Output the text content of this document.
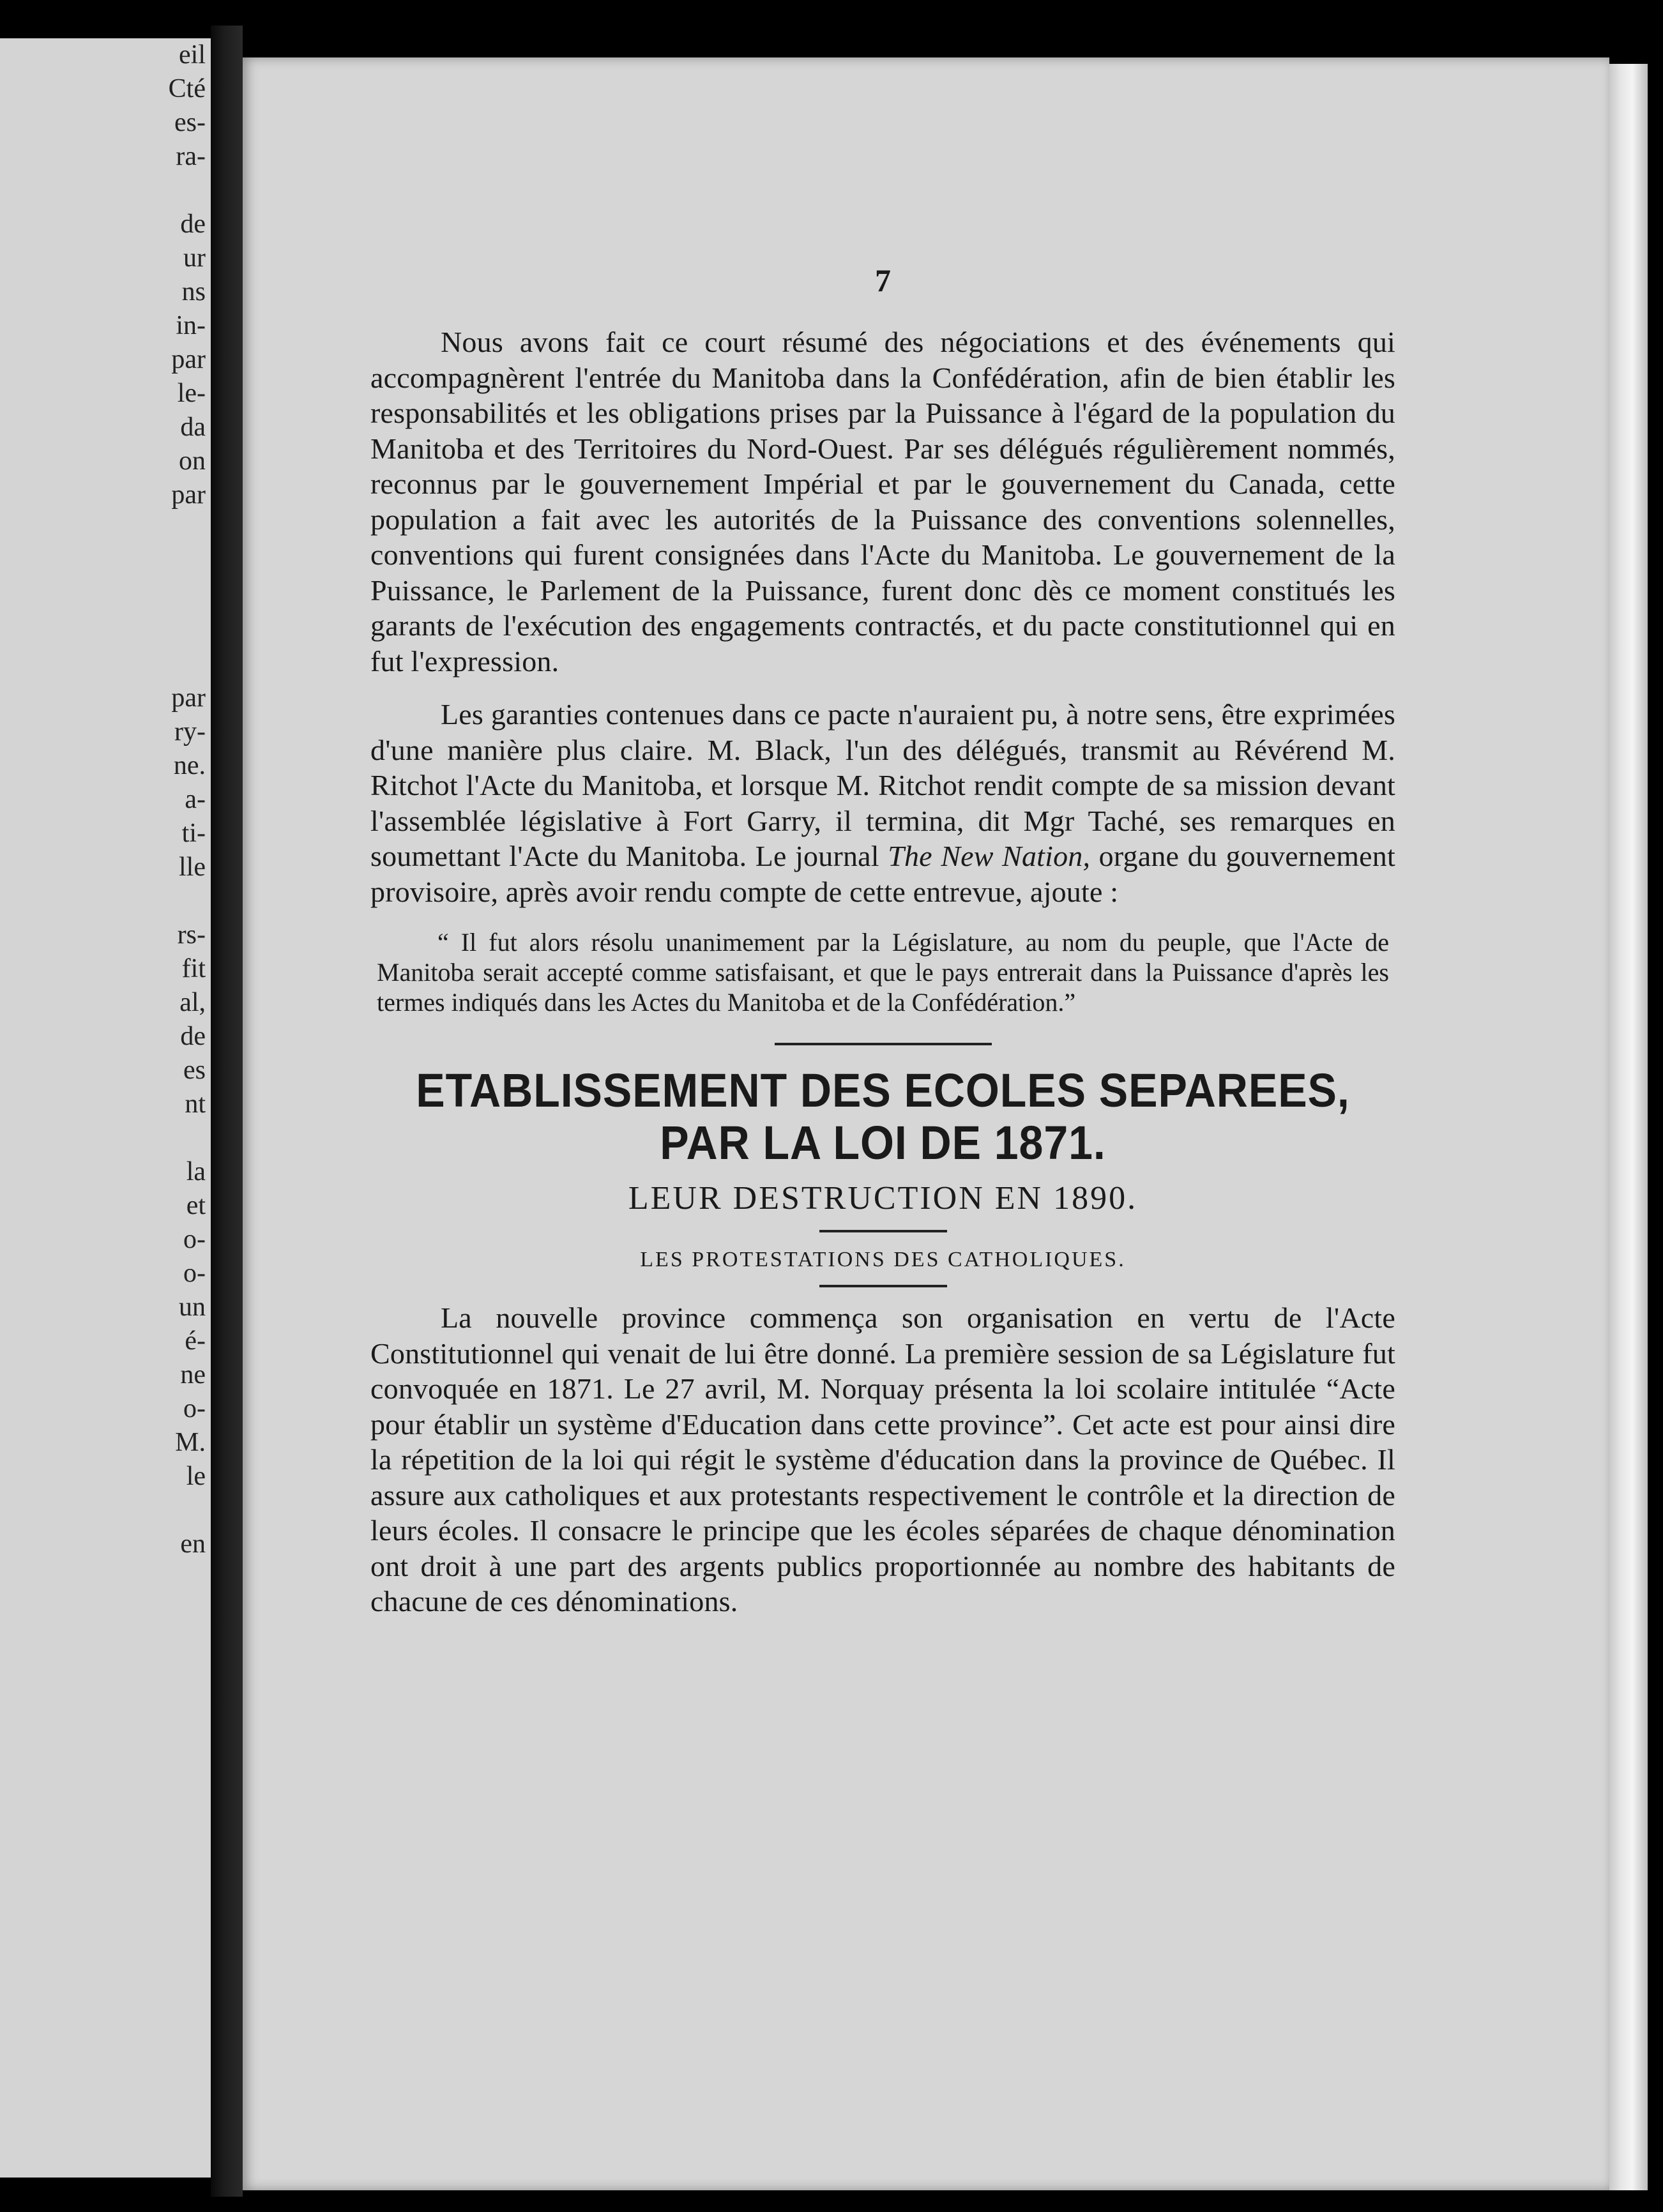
eil
Cté
es-
ra-
de
ur
ns
in-
par
le-
da
on
par
par
ry-
ne.
a-
ti-
lle
rs-
fit
al,
de
es
nt
la
et
o-
o-
un
é-
ne
o-
M.
le
en
7

Nous avons fait ce court résumé des négociations et des événements qui accompagnèrent l'entrée du Manitoba dans la Confédération, afin de bien établir les responsabilités et les obligations prises par la Puissance à l'égard de la population du Manitoba et des Territoires du Nord-Ouest. Par ses délégués régulièrement nommés, reconnus par le gouvernement Impérial et par le gouvernement du Canada, cette population a fait avec les autorités de la Puissance des conventions solennelles, conventions qui furent consignées dans l'Acte du Manitoba. Le gouvernement de la Puissance, le Parlement de la Puissance, furent donc dès ce moment constitués les garants de l'exécution des engagements contractés, et du pacte constitutionnel qui en fut l'expression.

Les garanties contenues dans ce pacte n'auraient pu, à notre sens, être exprimées d'une manière plus claire. M. Black, l'un des délégués, transmit au Révérend M. Ritchot l'Acte du Manitoba, et lorsque M. Ritchot rendit compte de sa mission devant l'assemblée législative à Fort Garry, il termina, dit Mgr Taché, ses remarques en soumettant l'Acte du Manitoba. Le journal The New Nation, organe du gouvernement provisoire, après avoir rendu compte de cette entrevue, ajoute :

“ Il fut alors résolu unanimement par la Législature, au nom du peuple, que l'Acte de Manitoba serait accepté comme satisfaisant, et que le pays entrerait dans la Puissance d'après les termes indiqués dans les Actes du Manitoba et de la Confédération.”

ETABLISSEMENT DES ECOLES SEPAREES,
PAR LA LOI DE 1871.
LEUR DESTRUCTION EN 1890.
LES PROTESTATIONS DES CATHOLIQUES.

La nouvelle province commença son organisation en vertu de l'Acte Constitutionnel qui venait de lui être donné. La première session de sa Législature fut convoquée en 1871. Le 27 avril, M. Norquay présenta la loi scolaire intitulée “Acte pour établir un système d'Education dans cette province”. Cet acte est pour ainsi dire la répetition de la loi qui régit le système d'éducation dans la province de Québec. Il assure aux catholiques et aux protestants respectivement le contrôle et la direction de leurs écoles. Il consacre le principe que les écoles séparées de chaque dénomination ont droit à une part des argents publics proportionnée au nombre des habitants de chacune de ces dénominations.
